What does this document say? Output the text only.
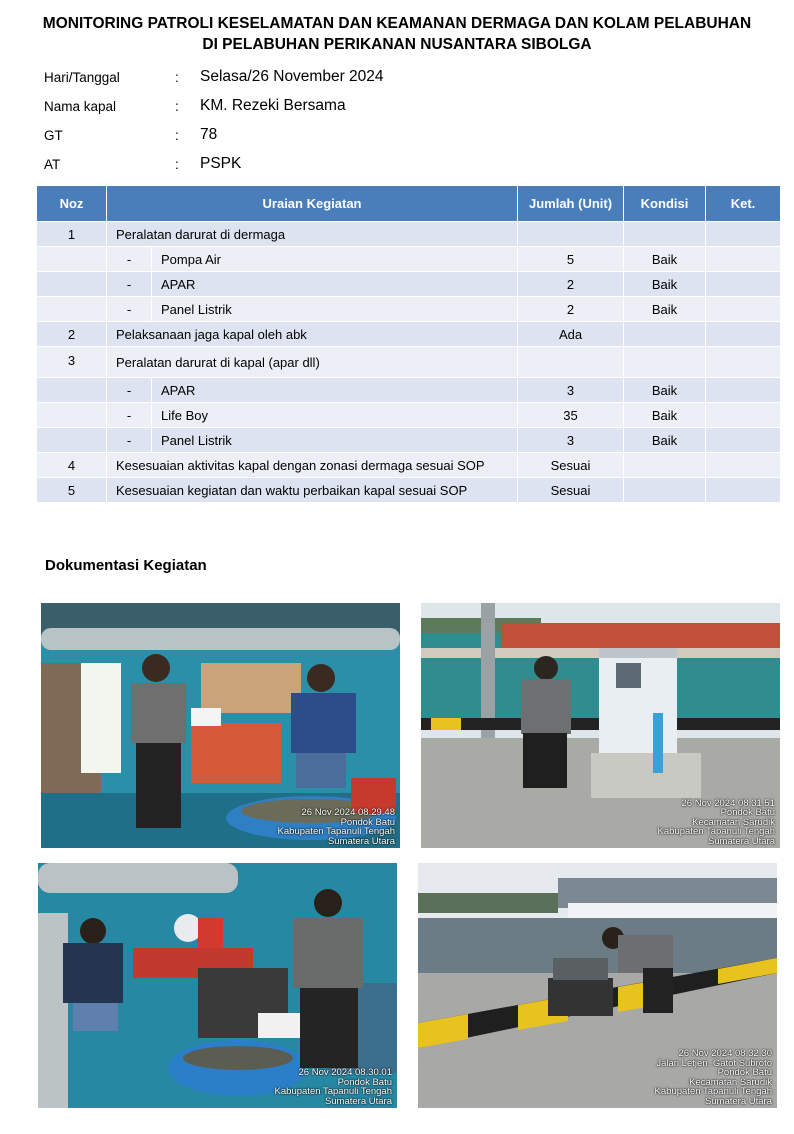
MONITORING PATROLI KESELAMATAN DAN KEAMANAN DERMAGA DAN KOLAM PELABUHAN
DI PELABUHAN PERIKANAN NUSANTARA SIBOLGA
Hari/Tanggal	: Selasa/26 November 2024
Nama kapal	: KM. Rezeki Bersama
GT	: 78
AT	: PSPK
Noz	Uraian Kegiatan		Jumlah (Unit)	Kondisi	Ket.
1	Peralatan darurat di dermaga				
	-	Pompa Air	5	Baik	
	-	APAR	2	Baik	
	-	Panel Listrik	2	Baik	
2	Pelaksanaan jaga kapal oleh abk		Ada		
3	Peralatan darurat di kapal (apar dll)				
	-	APAR	3	Baik	
	-	Life Boy	35	Baik	
	-	Panel Listrik	3	Baik	
4	Kesesuaian aktivitas kapal dengan zonasi dermaga sesuai SOP		Sesuai		
5	Kesesuaian kegiatan dan waktu perbaikan kapal sesuai SOP		Sesuai		
Dokumentasi Kegiatan
26 Nov 2024 08.29.48
Pondok Batu
Kabupaten Tapanuli Tengah
Sumatera Utara
26 Nov 2024 08.31.51
Pondok Batu
Kecamatan Sarudik
Kabupaten Tapanuli Tengah
Sumatera Utara
26 Nov 2024 08.30.01
Pondok Batu
Kabupaten Tapanuli Tengah
Sumatera Utara
26 Nov 2024 08.32.30
Jalan Letjen. Gatot Subroto
Pondok Batu
Kecamatan Sarudik
Kabupaten Tapanuli Tengah
Sumatera Utara
